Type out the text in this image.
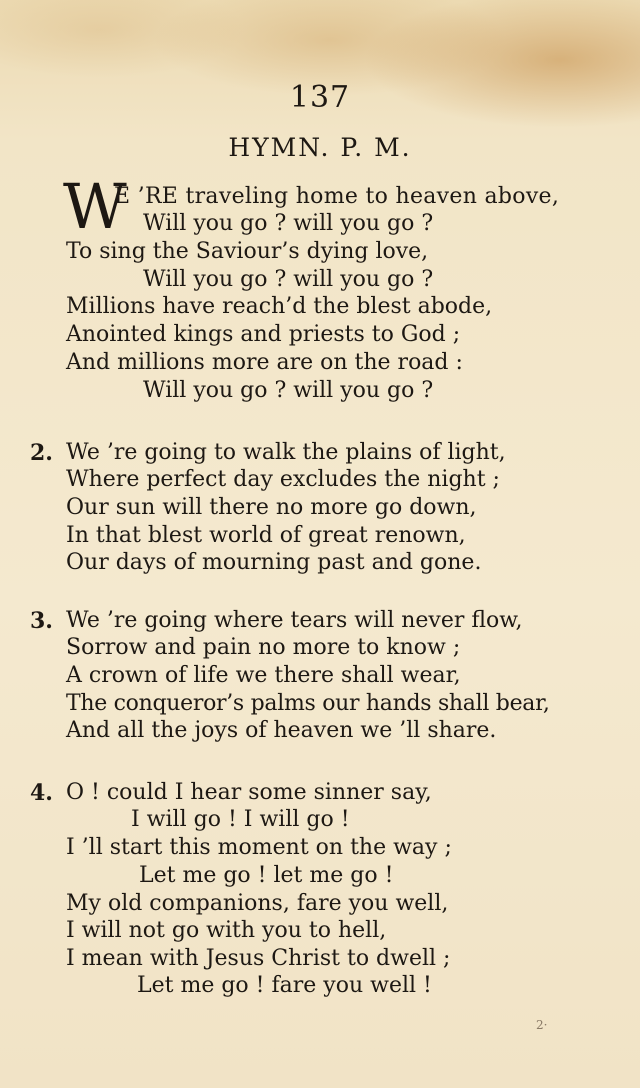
137
HYMN. P. M.
W
E ’RE traveling home to heaven above,
Will you go ? will you go ?
To sing the Saviour’s dying love,
Will you go ? will you go ?
Millions have reach’d the blest abode,
Anointed kings and priests to God ;
And millions more are on the road :
Will you go ? will you go ?
2. We ’re going to walk the plains of light,
Where perfect day excludes the night ;
Our sun will there no more go down,
In that blest world of great renown,
Our days of mourning past and gone.
3. We ’re going where tears will never flow,
Sorrow and pain no more to know ;
A crown of life we there shall wear,
The conqueror’s palms our hands shall bear,
And all the joys of heaven we ’ll share.
4. O ! could I hear some sinner say,
I will go ! I will go !
I ’ll start this moment on the way ;
Let me go ! let me go !
My old companions, fare you well,
I will not go with you to hell,
I mean with Jesus Christ to dwell ;
Let me go ! fare you well !
2·
